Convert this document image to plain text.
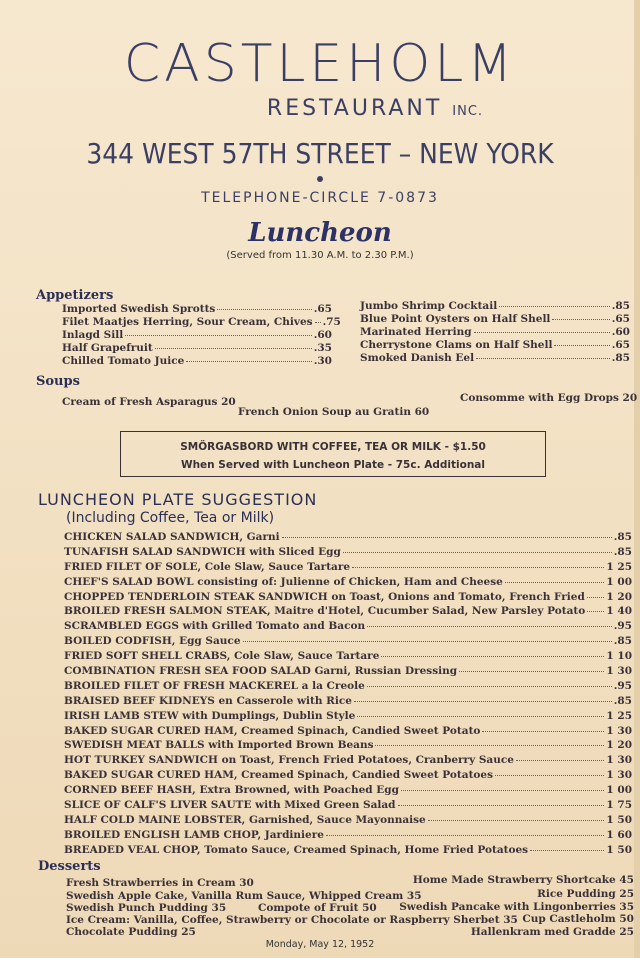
CASTLEHOLM
RESTAURANT INC.
344 WEST 57TH STREET – NEW YORK
TELEPHONE-CIRCLE 7-0873
Luncheon
(Served from 11.30 A.M. to 2.30 P.M.)
Appetizers
Imported Swedish Sprotts	.65
Filet Maatjes Herring, Sour Cream, Chives .75
Inlagd Sill	.60
Half Grapefruit	.35
Chilled Tomato Juice	.30
Jumbo Shrimp Cocktail	.85
Blue Point Oysters on Half Shell	.65
Marinated Herring	.60
Cherrystone Clams on Half Shell	.65
Smoked Danish Eel	.85
Soups
Cream of Fresh Asparagus 20	Consomme with Egg Drops 20
French Onion Soup au Gratin 60
SMÖRGASBORD WITH COFFEE, TEA OR MILK - $1.50
When Served with Luncheon Plate - 75c. Additional
LUNCHEON PLATE SUGGESTION
(Including Coffee, Tea or Milk)
CHICKEN SALAD SANDWICH, Garni	.85
TUNAFISH SALAD SANDWICH with Sliced Egg	.85
FRIED FILET OF SOLE, Cole Slaw, Sauce Tartare	1 25
CHEF'S SALAD BOWL consisting of: Julienne of Chicken, Ham and Cheese	1 00
CHOPPED TENDERLOIN STEAK SANDWICH on Toast, Onions and Tomato, French Fried 1 20
BROILED FRESH SALMON STEAK, Maitre d'Hotel, Cucumber Salad, New Parsley Potato 1 40
SCRAMBLED EGGS with Grilled Tomato and Bacon	.95
BOILED CODFISH, Egg Sauce	.85
FRIED SOFT SHELL CRABS, Cole Slaw, Sauce Tartare	1 10
COMBINATION FRESH SEA FOOD SALAD Garni, Russian Dressing	1 30
BROILED FILET OF FRESH MACKEREL a la Creole	.95
BRAISED BEEF KIDNEYS en Casserole with Rice	.85
IRISH LAMB STEW with Dumplings, Dublin Style	1 25
BAKED SUGAR CURED HAM, Creamed Spinach, Candied Sweet Potato	1 30
SWEDISH MEAT BALLS with Imported Brown Beans	1 20
HOT TURKEY SANDWICH on Toast, French Fried Potatoes, Cranberry Sauce	1 30
BAKED SUGAR CURED HAM, Creamed Spinach, Candied Sweet Potatoes	1 30
CORNED BEEF HASH, Extra Browned, with Poached Egg	1 00
SLICE OF CALF'S LIVER SAUTE with Mixed Green Salad	1 75
HALF COLD MAINE LOBSTER, Garnished, Sauce Mayonnaise	1 50
BROILED ENGLISH LAMB CHOP, Jardiniere	1 60
BREADED VEAL CHOP, Tomato Sauce, Creamed Spinach, Home Fried Potatoes	1 50
Desserts
Fresh Strawberries in Cream 30	Home Made Strawberry Shortcake 45
Swedish Apple Cake, Vanilla Rum Sauce, Whipped Cream 35	Rice Pudding 25
Swedish Punch Pudding 35	Compote of Fruit 50 Swedish Pancake with Lingonberries 35
Ice Cream: Vanilla, Coffee, Strawberry or Chocolate or Raspberry Sherbet 35 Cup Castleholm 50
Chocolate Pudding 25	Hallenkram med Gradde 25
Monday, May 12, 1952
